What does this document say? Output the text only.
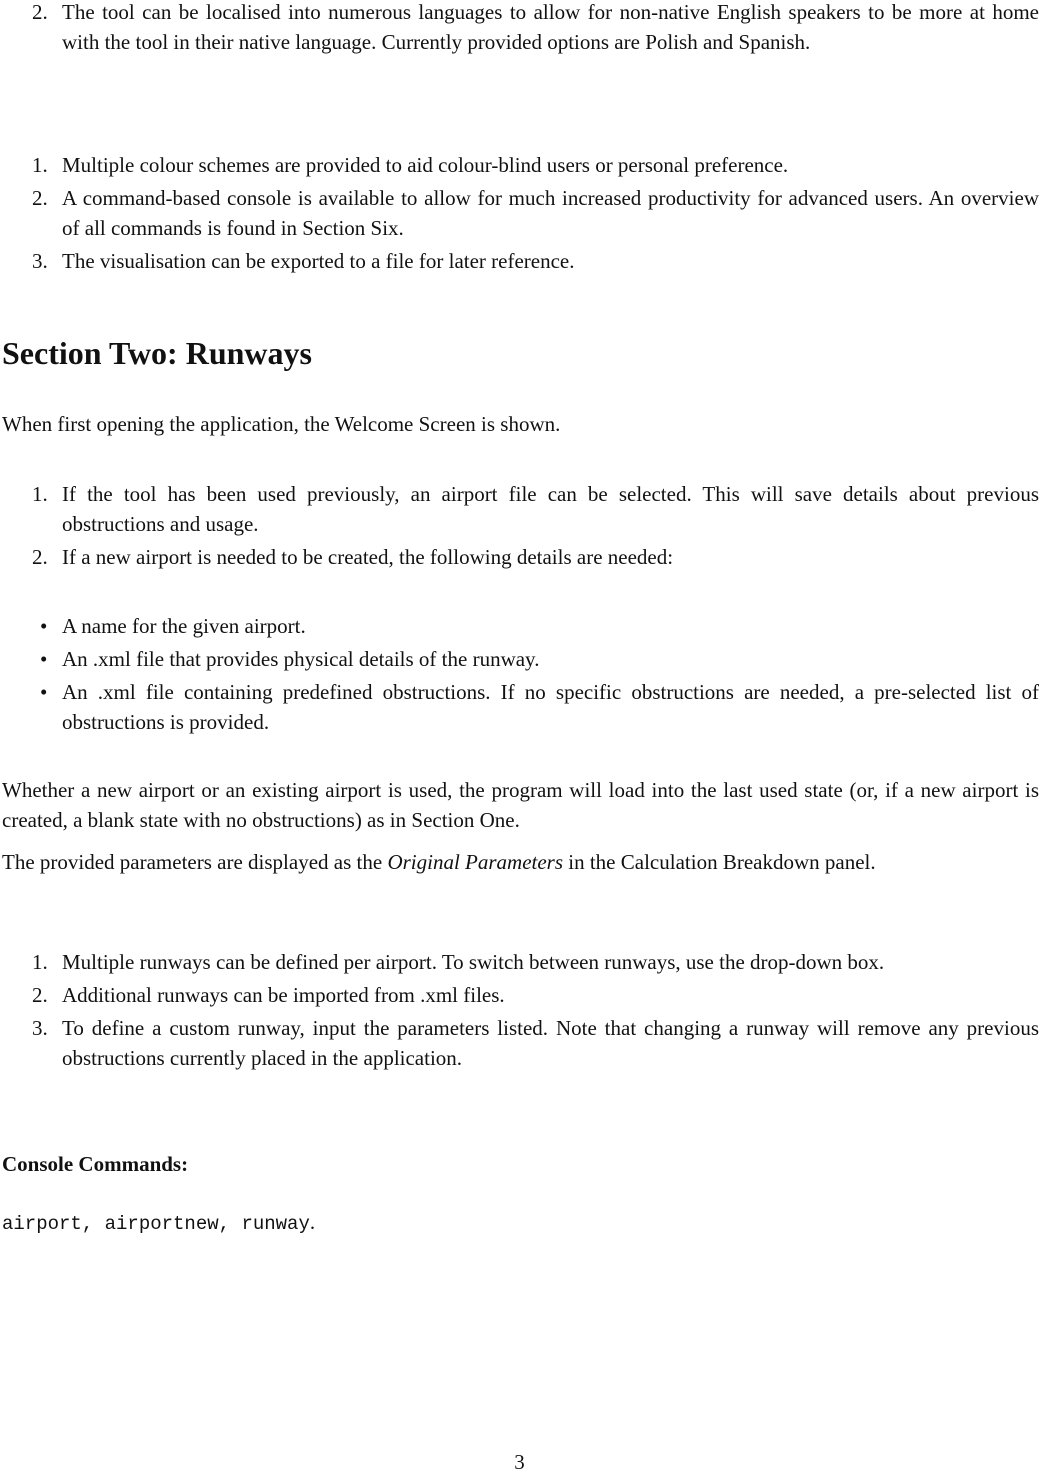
2. The tool can be localised into numerous languages to allow for non-native English speakers to be more at home with the tool in their native language. Currently provided options are Polish and Spanish.
1. Multiple colour schemes are provided to aid colour-blind users or personal preference.
2. A command-based console is available to allow for much increased productivity for advanced users. An overview of all commands is found in Section Six.
3. The visualisation can be exported to a file for later reference.
Section Two: Runways

When first opening the application, the Welcome Screen is shown.

1. If the tool has been used previously, an airport file can be selected. This will save details about previous obstructions and usage.
2. If a new airport is needed to be created, the following details are needed:
• A name for the given airport.
• An .xml file that provides physical details of the runway.
• An .xml file containing predefined obstructions. If no specific obstructions are needed, a pre-selected list of obstructions is provided.

Whether a new airport or an existing airport is used, the program will load into the last used state (or, if a new airport is created, a blank state with no obstructions) as in Section One.

The provided parameters are displayed as the Original Parameters in the Calculation Breakdown panel.

1. Multiple runways can be defined per airport. To switch between runways, use the drop-down box.
2. Additional runways can be imported from .xml files.
3. To define a custom runway, input the parameters listed. Note that changing a runway will remove any previous obstructions currently placed in the application.
Console Commands:

airport, airportnew, runway.

3
